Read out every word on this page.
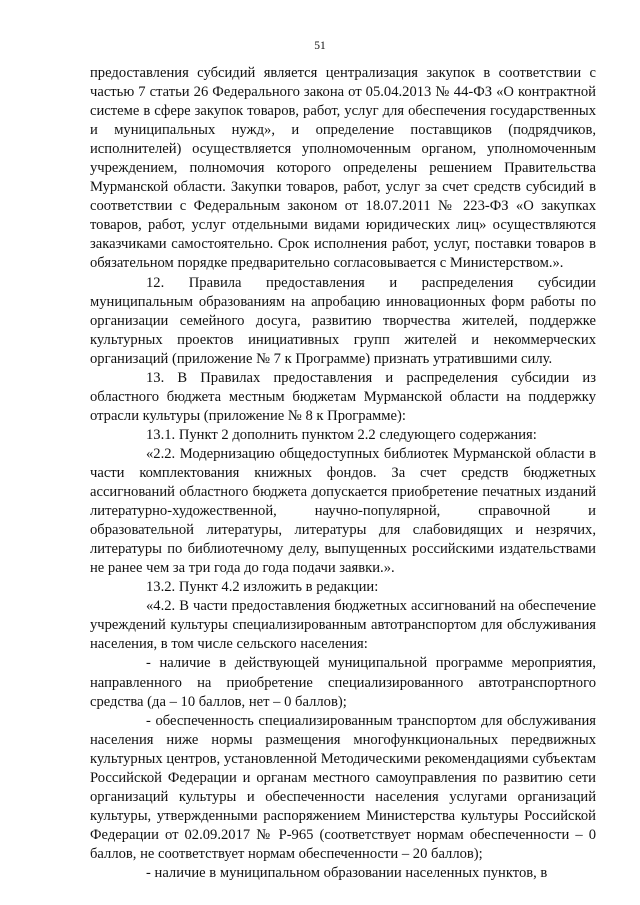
51

предоставления субсидий является централизация закупок в соответствии с частью 7 статьи 26 Федерального закона от 05.04.2013 № 44-ФЗ «О контрактной системе в сфере закупок товаров, работ, услуг для обеспечения государственных и муниципальных нужд», и определение поставщиков (подрядчиков, исполнителей) осуществляется уполномоченным органом, уполномоченным учреждением, полномочия которого определены решением Правительства Мурманской области. Закупки товаров, работ, услуг за счет средств субсидий в соответствии с Федеральным законом от 18.07.2011 № 223-ФЗ «О закупках товаров, работ, услуг отдельными видами юридических лиц» осуществляются заказчиками самостоятельно. Срок исполнения работ, услуг, поставки товаров в обязательном порядке предварительно согласовывается с Министерством.».

12. Правила предоставления и распределения субсидии муниципальным образованиям на апробацию инновационных форм работы по организации семейного досуга, развитию творчества жителей, поддержке культурных проектов инициативных групп жителей и некоммерческих организаций (приложение № 7 к Программе) признать утратившими силу.

13. В Правилах предоставления и распределения субсидии из областного бюджета местным бюджетам Мурманской области на поддержку отрасли культуры (приложение № 8 к Программе):

13.1. Пункт 2 дополнить пунктом 2.2 следующего содержания:

«2.2. Модернизацию общедоступных библиотек Мурманской области в части комплектования книжных фондов. За счет средств бюджетных ассигнований областного бюджета допускается приобретение печатных изданий литературно-художественной, научно-популярной, справочной и образовательной литературы, литературы для слабовидящих и незрячих, литературы по библиотечному делу, выпущенных российскими издательствами не ранее чем за три года до года подачи заявки.».

13.2. Пункт 4.2 изложить в редакции:

«4.2. В части предоставления бюджетных ассигнований на обеспечение учреждений культуры специализированным автотранспортом для обслуживания населения, в том числе сельского населения:

- наличие в действующей муниципальной программе мероприятия, направленного на приобретение специализированного автотранспортного средства (да – 10 баллов, нет – 0 баллов);

- обеспеченность специализированным транспортом для обслуживания населения ниже нормы размещения многофункциональных передвижных культурных центров, установленной Методическими рекомендациями субъектам Российской Федерации и органам местного самоуправления по развитию сети организаций культуры и обеспеченности населения услугами организаций культуры, утвержденными распоряжением Министерства культуры Российской Федерации от 02.09.2017 № Р-965 (соответствует нормам обеспеченности – 0 баллов, не соответствует нормам обеспеченности – 20 баллов);

- наличие в муниципальном образовании населенных пунктов, в
